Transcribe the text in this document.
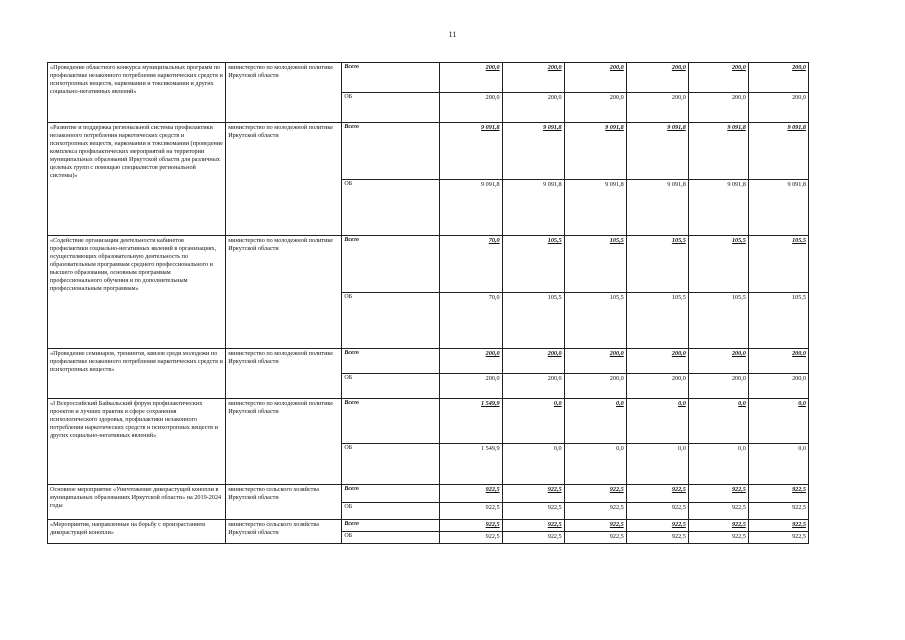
11
«Проведение областного конкурса муниципальных программ по профилактике незаконного потребления наркотических средств и психотропных веществ, наркомании и токсикомании и других социально-негативных явлений»	министерство по молодежной политике Иркутской области	Всего	200,0	200,0	200,0	200,0	200,0	200,0
		ОБ	200,0	200,0	200,0	200,0	200,0	200,0
«Развитие и поддержка региональной системы профилактики незаконного потребления наркотических средств и психотропных веществ, наркомании и токсикомании (проведение комплекса профилактических мероприятий на территории муниципальных образований Иркутской области для различных целевых групп с помощью специалистов региональной системы)»	министерство по молодежной политике Иркутской области	Всего	9 091,8	9 091,8	9 091,8	9 091,8	9 091,8	9 091,8
		ОБ	9 091,8	9 091,8	9 091,8	9 091,8	9 091,8	9 091,8
«Содействие организации деятельности кабинетов профилактики социально-негативных явлений в организациях, осуществляющих образовательную деятельность по образовательным программам среднего профессионального и высшего образования, основным программам профессионального обучения и по дополнительным профессиональным программам»	министерство по молодежной политике Иркутской области	Всего	70,0	105,5	105,5	105,5	105,5	105,5
		ОБ	70,0	105,5	105,5	105,5	105,5	105,5
«Проведение семинаров, тренингов, квизов среди молодежи по профилактике незаконного потребления наркотических средств и психотропных веществ»	министерство по молодежной политике Иркутской области	Всего	200,0	200,0	200,0	200,0	200,0	200,0
		ОБ	200,0	200,0	200,0	200,0	200,0	200,0
«I Всероссийский Байкальский форум профилактических проектов и лучших практик в сфере сохранения психологического здоровья, профилактики незаконного потребления наркотических средств и психотропных веществ и других социально-негативных явлений»	министерство по молодежной политике Иркутской области	Всего	1 549,9	0,0	0,0	0,0	0,0	0,0
		ОБ	1 549,9	0,0	0,0	0,0	0,0	0,0
Основное мероприятие «Уничтожение дикорастущей конопли в муниципальных образованиях Иркутской области» на 2019-2024 годы	министерство сельского хозяйства Иркутской области	Всего	922,5	922,5	922,5	922,5	922,5	922,5
		ОБ	922,5	922,5	922,5	922,5	922,5	922,5
«Мероприятия, направленные на борьбу с произрастанием дикорастущей конопли»	министерство сельского хозяйства Иркутской области	Всего	922,5	922,5	922,5	922,5	922,5	922,5
		ОБ	922,5	922,5	922,5	922,5	922,5	922,5
